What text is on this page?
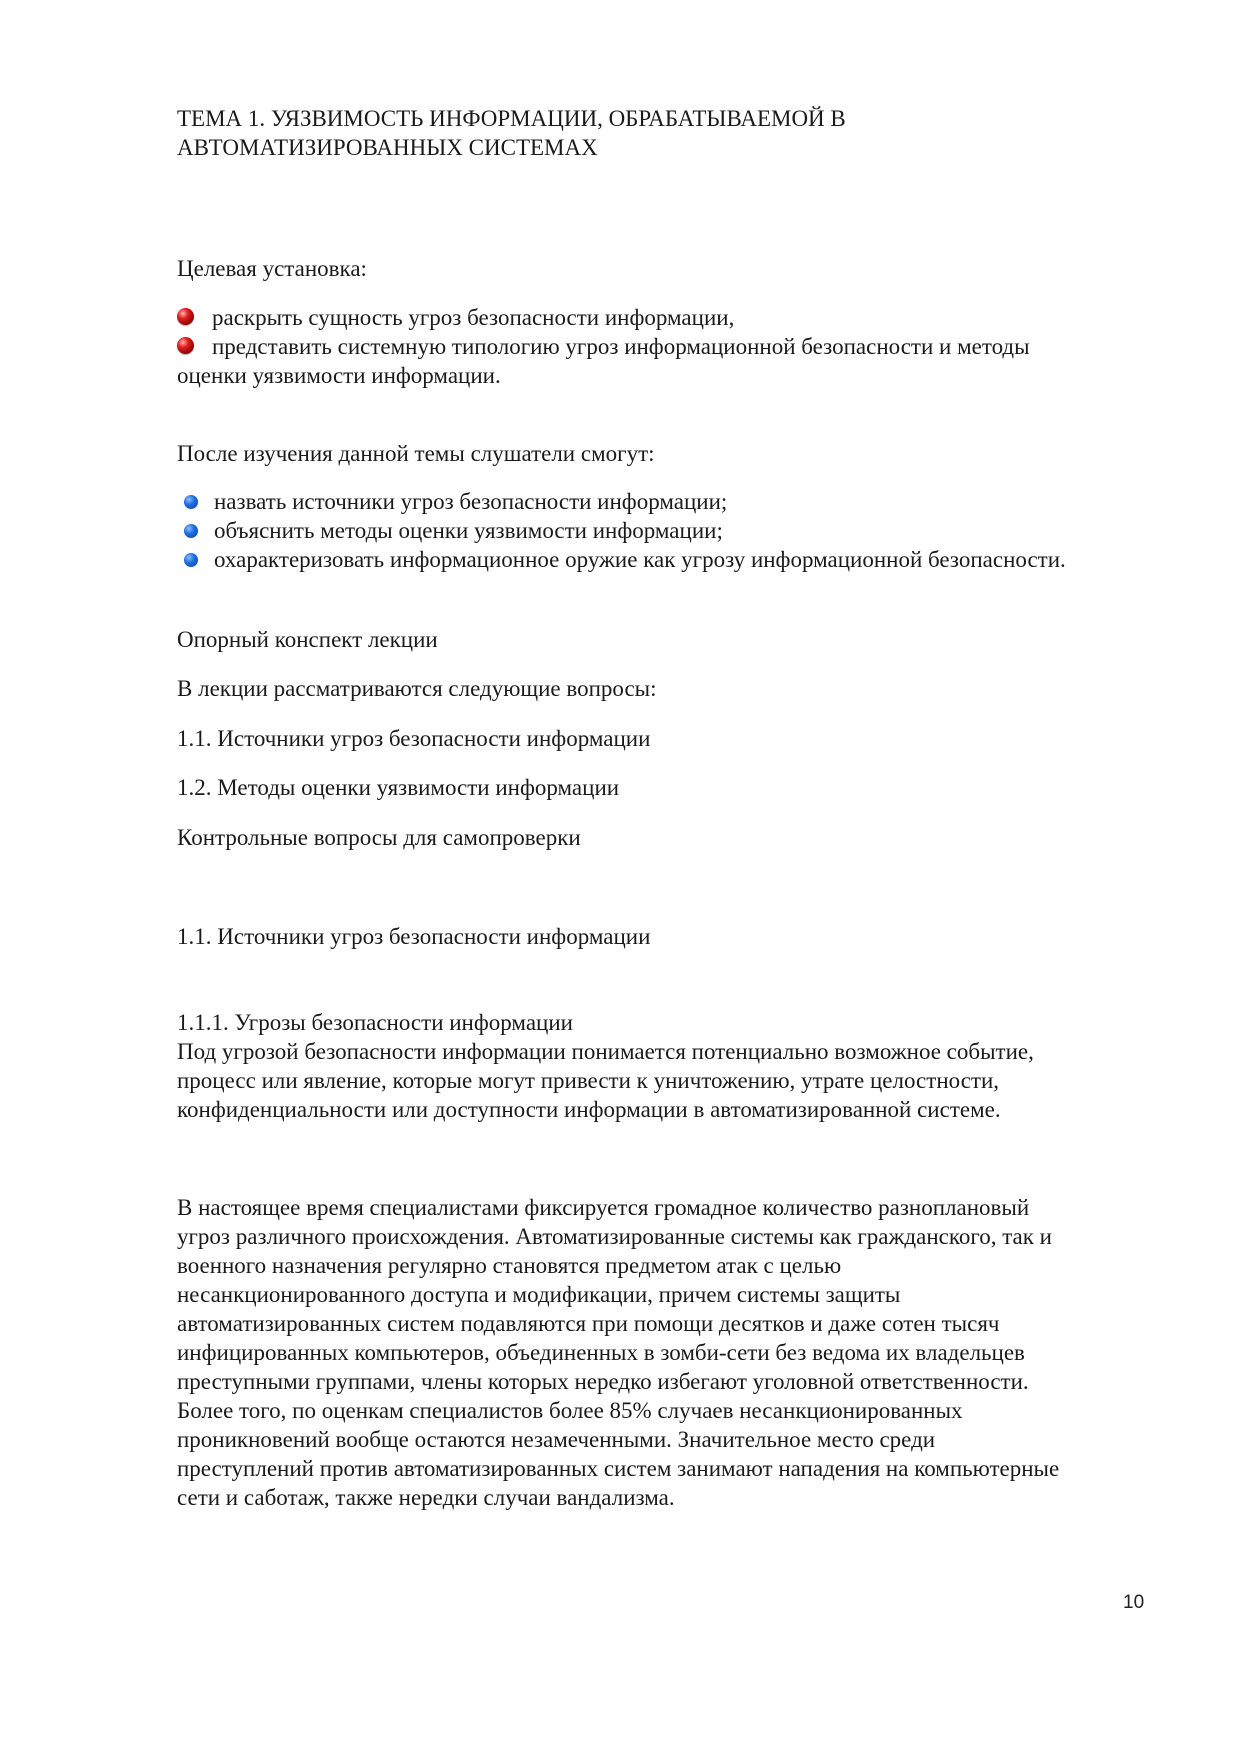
ТЕМА 1. УЯЗВИМОСТЬ ИНФОРМАЦИИ, ОБРАБАТЫВАЕМОЙ В
АВТОМАТИЗИРОВАННЫХ СИСТЕМАХ
Целевая установка:
раскрыть сущность угроз безопасности информации,
представить системную типологию угроз информационной безопасности и методы
оценки уязвимости информации.
После изучения данной темы слушатели смогут:
назвать источники угроз безопасности информации;
объяснить методы оценки уязвимости информации;
охарактеризовать информационное оружие как угрозу информационной безопасности.
Опорный конспект лекции
В лекции рассматриваются следующие вопросы:
1.1. Источники угроз безопасности информации
1.2. Методы оценки уязвимости информации
Контрольные вопросы для самопроверки
1.1. Источники угроз безопасности информации
1.1.1. Угрозы безопасности информации
Под угрозой безопасности информации понимается потенциально возможное событие,
процесс или явление, которые могут привести к уничтожению, утрате целостности,
конфиденциальности или доступности информации в автоматизированной системе.
В настоящее время специалистами фиксируется громадное количество разноплановый
угроз различного происхождения. Автоматизированные системы как гражданского, так и
военного назначения регулярно становятся предметом атак с целью
несанкционированного доступа и модификации, причем системы защиты
автоматизированных систем подавляются при помощи десятков и даже сотен тысяч
инфицированных компьютеров, объединенных в зомби-сети без ведома их владельцев
преступными группами, члены которых нередко избегают уголовной ответственности.
Более того, по оценкам специалистов более 85% случаев несанкционированных
проникновений вообще остаются незамеченными. Значительное место среди
преступлений против автоматизированных систем занимают нападения на компьютерные
сети и саботаж, также нередки случаи вандализма.
10
